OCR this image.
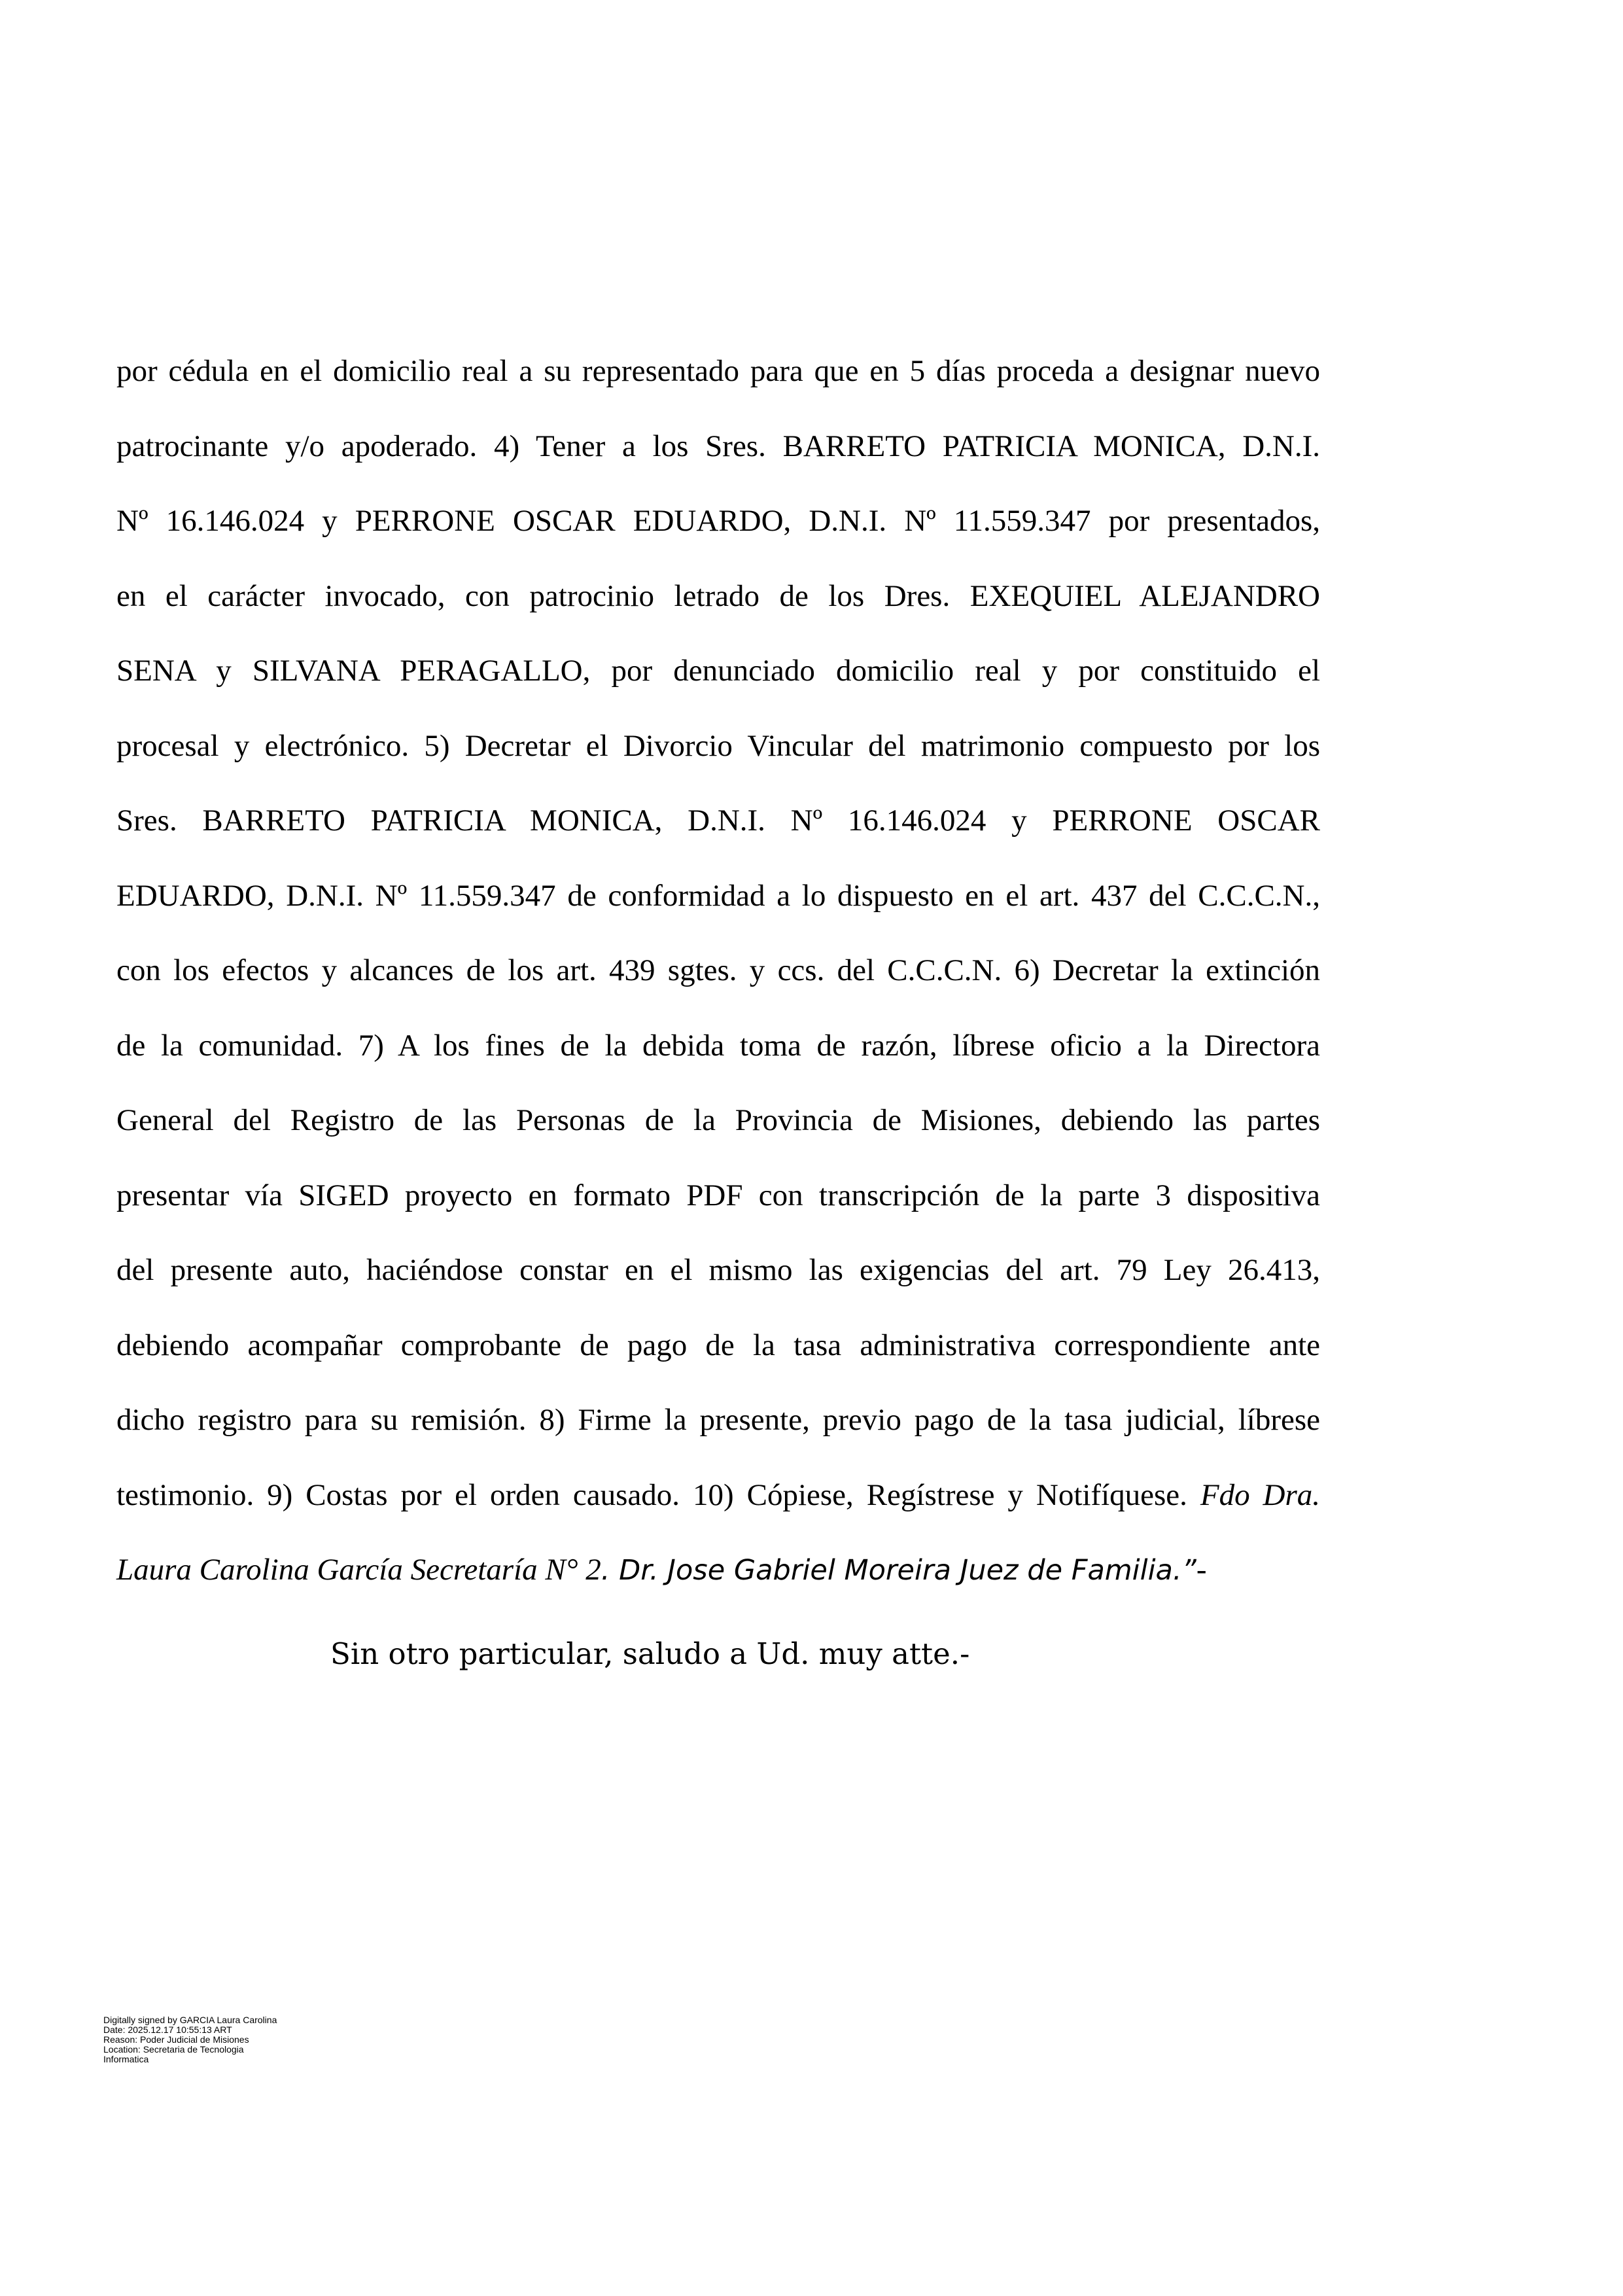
por cédula en el domicilio real a su representado para que en 5 días proceda a designar nuevo
patrocinante y/o apoderado. 4) Tener a los Sres. BARRETO PATRICIA MONICA, D.N.I.
Nº 16.146.024 y PERRONE OSCAR EDUARDO, D.N.I. Nº 11.559.347 por presentados,
en el carácter invocado, con patrocinio letrado de los Dres. EXEQUIEL ALEJANDRO
SENA y SILVANA PERAGALLO, por denunciado domicilio real y por constituido el
procesal y electrónico. 5) Decretar el Divorcio Vincular del matrimonio compuesto por los
Sres. BARRETO PATRICIA MONICA, D.N.I. Nº 16.146.024 y PERRONE OSCAR
EDUARDO, D.N.I. Nº 11.559.347 de conformidad a lo dispuesto en el art. 437 del C.C.C.N.,
con los efectos y alcances de los art. 439 sgtes. y ccs. del C.C.C.N. 6) Decretar la extinción
de la comunidad. 7) A los fines de la debida toma de razón, líbrese oficio a la Directora
General del Registro de las Personas de la Provincia de Misiones, debiendo las partes
presentar vía SIGED proyecto en formato PDF con transcripción de la parte 3 dispositiva
del presente auto, haciéndose constar en el mismo las exigencias del art. 79 Ley 26.413,
debiendo acompañar comprobante de pago de la tasa administrativa correspondiente ante
dicho registro para su remisión. 8) Firme la presente, previo pago de la tasa judicial, líbrese
testimonio. 9) Costas por el orden causado. 10) Cópiese, Regístrese y Notifíquese. Fdo Dra.
Laura Carolina García Secretaría N° 2. Dr. Jose Gabriel Moreira Juez de Familia.”-
Sin otro particular, saludo a Ud. muy atte.-
Digitally signed by GARCIA Laura Carolina
Date: 2025.12.17 10:55:13 ART
Reason: Poder Judicial de Misiones
Location: Secretaria de Tecnologia
Informatica
